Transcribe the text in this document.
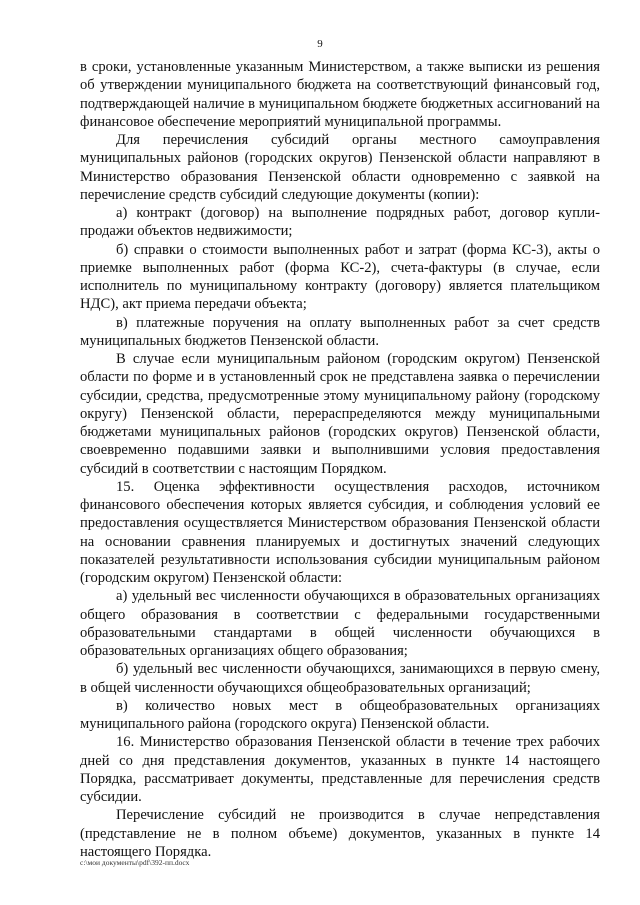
9

в сроки, установленные указанным Министерством, а также выписки из решения об утверждении муниципального бюджета на соответствующий финансовый год, подтверждающей наличие в муниципальном бюджете бюджетных ассигнований на финансовое обеспечение мероприятий муниципальной программы.

Для перечисления субсидий органы местного самоуправления муниципальных районов (городских округов) Пензенской области направляют в Министерство образования Пензенской области одновременно с заявкой на перечисление средств субсидий следующие документы (копии):

а) контракт (договор) на выполнение подрядных работ, договор купли-продажи объектов недвижимости;

б) справки о стоимости выполненных работ и затрат (форма КС-3), акты о приемке выполненных работ (форма КС-2), счета-фактуры (в случае, если исполнитель по муниципальному контракту (договору) является плательщиком НДС), акт приема передачи объекта;

в) платежные поручения на оплату выполненных работ за счет средств муниципальных бюджетов Пензенской области.

В случае если муниципальным районом (городским округом) Пензенской области по форме и в установленный срок не представлена заявка о перечислении субсидии, средства, предусмотренные этому муниципальному району (городскому округу) Пензенской области, перераспределяются между муниципальными бюджетами муниципальных районов (городских округов) Пензенской области, своевременно подавшими заявки и выполнившими условия предоставления субсидий в соответствии с настоящим Порядком.

15. Оценка эффективности осуществления расходов, источником финансового обеспечения которых является субсидия, и соблюдения условий ее предоставления осуществляется Министерством образования Пензенской области на основании сравнения планируемых и достигнутых значений следующих показателей результативности использования субсидии муниципальным районом (городским округом) Пензенской области:

а) удельный вес численности обучающихся в образовательных организациях общего образования в соответствии с федеральными государственными образовательными стандартами в общей численности обучающихся в образовательных организациях общего образования;

б) удельный вес численности обучающихся, занимающихся в первую смену, в общей численности обучающихся общеобразовательных организаций;

в) количество новых мест в общеобразовательных организациях муниципального района (городского округа) Пензенской области.

16. Министерство образования Пензенской области в течение трех рабочих дней со дня представления документов, указанных в пункте 14 настоящего Порядка, рассматривает документы, представленные для перечисления средств субсидии.

Перечисление субсидий не производится в случае непредставления (представление не в полном объеме) документов, указанных в пункте 14 настоящего Порядка.

c:\мои документы\pdf\392-пп.docx
